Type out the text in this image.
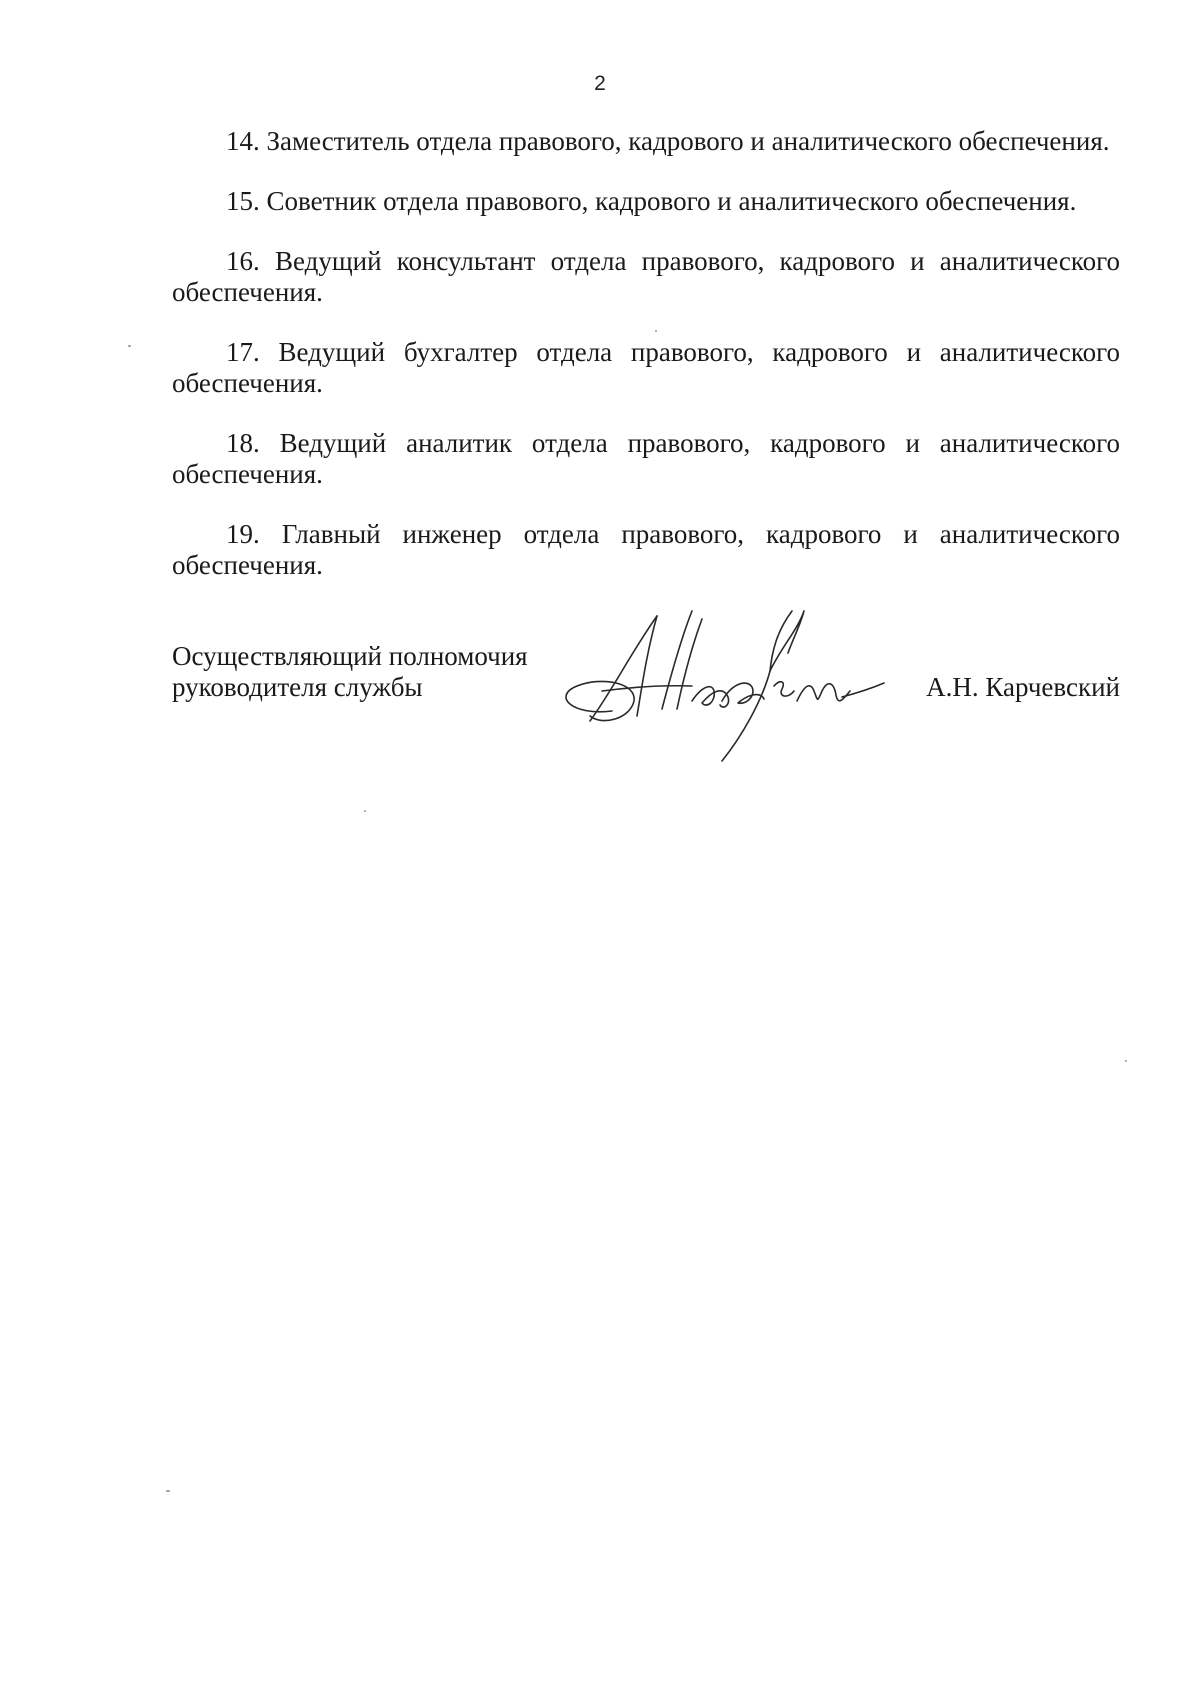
2

14. Заместитель отдела правового, кадрового и аналитического обеспечения.

15. Советник отдела правового, кадрового и аналитического обеспечения.

16. Ведущий консультант отдела правового, кадрового и аналитического обеспечения.

17. Ведущий бухгалтер отдела правового, кадрового и аналитического обеспечения.

18. Ведущий аналитик отдела правового, кадрового и аналитического обеспечения.

19. Главный инженер отдела правового, кадрового и аналитического обеспечения.

Осуществляющий полномочия
руководителя службы	А.Н. Карчевский
